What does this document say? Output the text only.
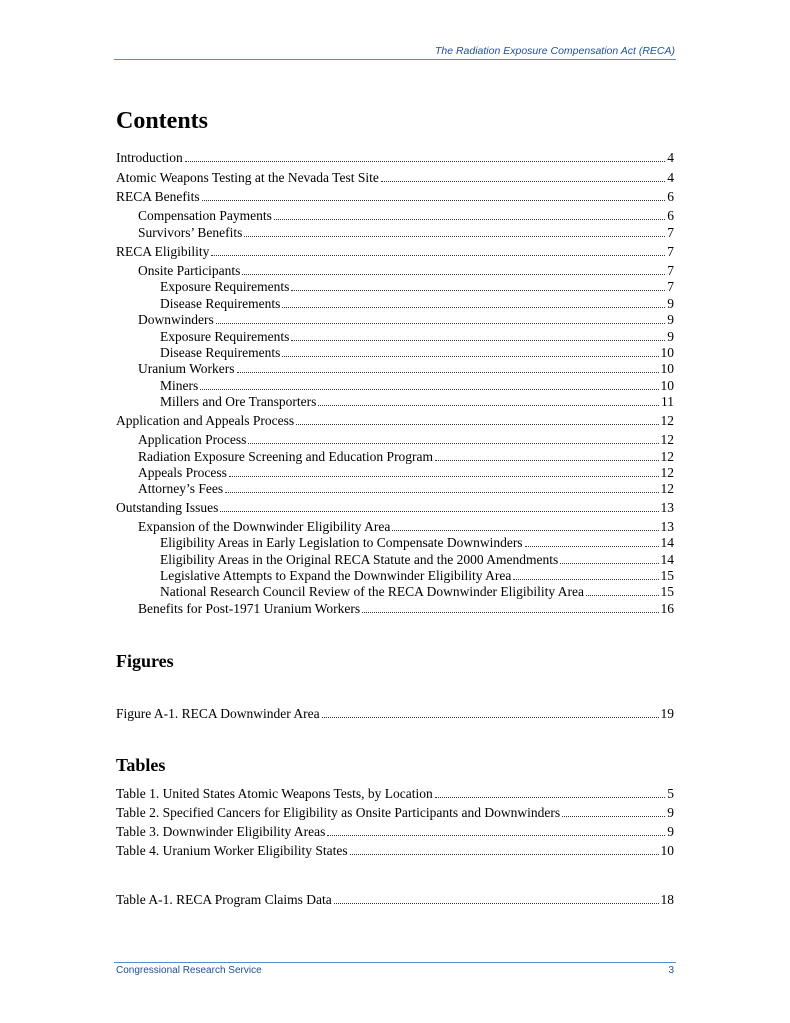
The Radiation Exposure Compensation Act (RECA)
Contents
Introduction	4
Atomic Weapons Testing at the Nevada Test Site	4
RECA Benefits	6
Compensation Payments	6
Survivors’ Benefits	7
RECA Eligibility	7
Onsite Participants	7
Exposure Requirements	7
Disease Requirements	9
Downwinders	9
Exposure Requirements	9
Disease Requirements	10
Uranium Workers	10
Miners	10
Millers and Ore Transporters	11
Application and Appeals Process	12
Application Process	12
Radiation Exposure Screening and Education Program	12
Appeals Process	12
Attorney’s Fees	12
Outstanding Issues	13
Expansion of the Downwinder Eligibility Area	13
Eligibility Areas in Early Legislation to Compensate Downwinders	14
Eligibility Areas in the Original RECA Statute and the 2000 Amendments	14
Legislative Attempts to Expand the Downwinder Eligibility Area	15
National Research Council Review of the RECA Downwinder Eligibility Area	15
Benefits for Post-1971 Uranium Workers	16
Figures
Figure A-1. RECA Downwinder Area	19
Tables
Table 1. United States Atomic Weapons Tests, by Location	5
Table 2. Specified Cancers for Eligibility as Onsite Participants and Downwinders	9
Table 3. Downwinder Eligibility Areas	9
Table 4. Uranium Worker Eligibility States	10
Table A-1. RECA Program Claims Data	18
Congressional Research Service	3
